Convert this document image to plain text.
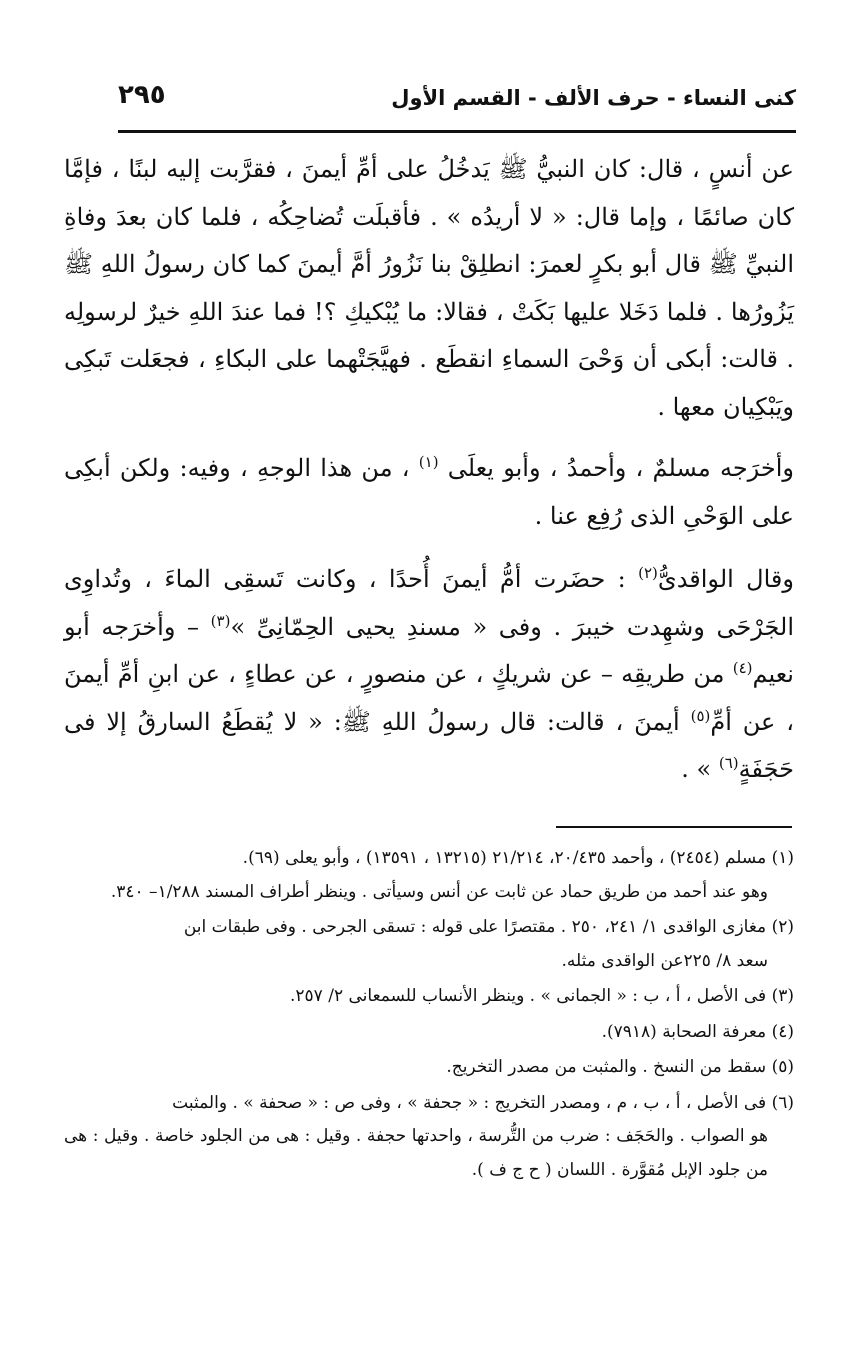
كنى النساء - حرف الألف - القسم الأول
٢٩٥

عن أنسٍ ، قال: كان النبيُّ ﷺ يَدخُلُ على أمِّ أيمنَ ، فقرَّبت إليه لبنًا ، فإمَّا كان صائمًا ، وإما قال: « لا أريدُه » . فأقبلَت تُضاحِكُه ، فلما كان بعدَ وفاةِ النبيِّ ﷺ قال أبو بكرٍ لعمرَ: انطلِقْ بنا نَزُورُ أمَّ أيمنَ كما كان رسولُ اللهِ ﷺ يَزُورُها . فلما دَخَلا عليها بَكَتْ ، فقالا: ما يُبْكيكِ ؟! فما عندَ اللهِ خيرٌ لرسولِه . قالت: أبكى أن وَحْىَ السماءِ انقطَع . فهيَّجَتْهما على البكاءِ ، فجعَلت تَبكِى ويَبْكِيان معها .

وأخرَجه مسلمٌ ، وأحمدُ ، وأبو يعلَى $^{(١)}$ ، من هذا الوجهِ ، وفيه: ولكن أبكِى على الوَحْىِ الذى رُفِع عنا .

وقال الواقدىُّ$^{(٢)}$ : حضَرت أمُّ أيمنَ أُحدًا ، وكانت تَسقِى الماءَ ، وتُداوِى الجَرْحَى وشهِدت خيبرَ . وفى « مسندِ يحيى الحِمّانِىِّ »$^{(٣)}$ – وأخرَجه أبو نعيم$^{(٤)}$ من طريقِه – عن شريكٍ ، عن منصورٍ ، عن عطاءٍ ، عن ابنِ أمِّ أيمنَ ، عن أمِّ$^{(٥)}$ أيمنَ ، قالت: قال رسولُ اللهِ ﷺ: « لا يُقطَعُ السارقُ إلا فى حَجَفَةٍ$^{(٦)}$ » .

(١) مسلم (٢٤٥٤) ، وأحمد ٢٠/٤٣٥، ٢١/٢١٤ (١٣٢١٥ ، ١٣٥٩١) ، وأبو يعلى (٦٩).
وهو عند أحمد من طريق حماد عن ثابت عن أنس وسيأتى . وينظر أطراف المسند ١/٢٨٨– ٣٤٠.
(٢) مغازى الواقدى ١/ ٢٤١، ٢٥٠ . مقتصرًا على قوله : تسقى الجرحى . وفى طبقات ابن
سعد ٨/ ٢٢٥عن الواقدى مثله.
(٣) فى الأصل ، أ ، ب : « الجمانى » . وينظر الأنساب للسمعانى ٢/ ٢٥٧.
(٤) معرفة الصحابة (٧٩١٨).
(٥) سقط من النسخ . والمثبت من مصدر التخريج.
(٦) فى الأصل ، أ ، ب ، م ، ومصدر التخريج : « جحفة » ، وفى ص : « صحفة » . والمثبت
هو الصواب . والحَجَف : ضرب من التُّرسة ، واحدتها حجفة . وقيل : هى من الجلود خاصة . وقيل : هى من جلود الإبل مُقوَّرة . اللسان ( ح ج ف ).
